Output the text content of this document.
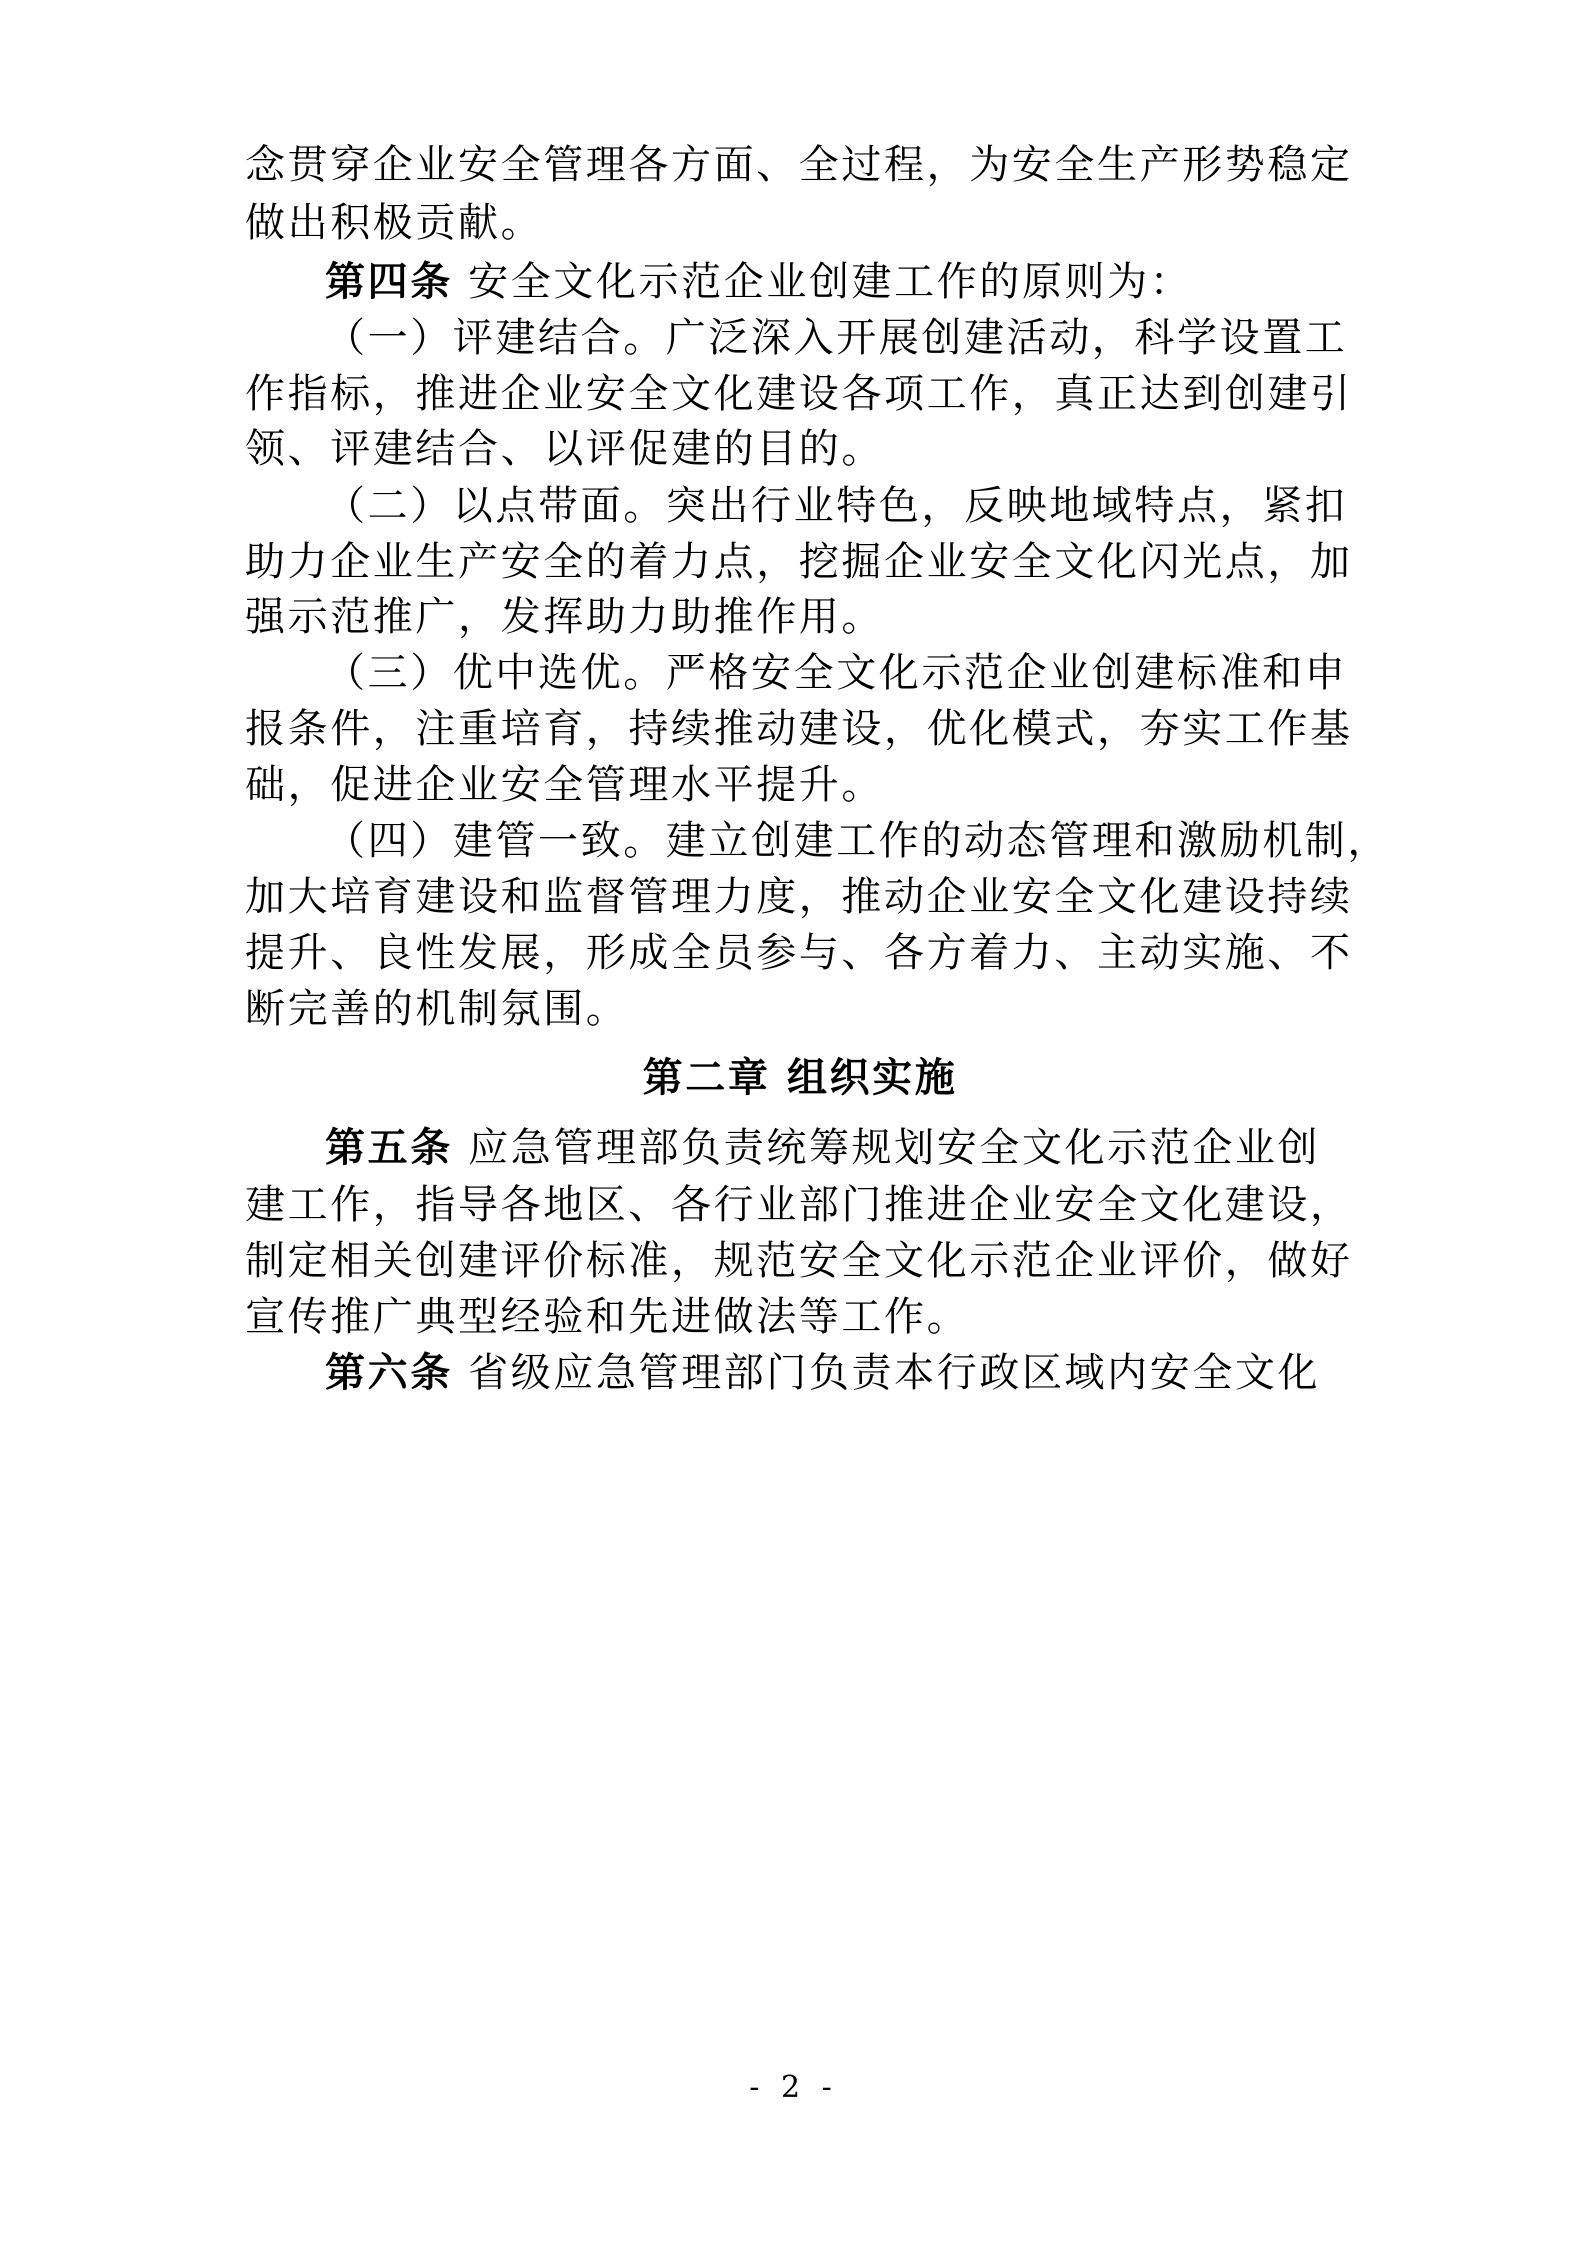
念贯穿企业安全管理各方面、全过程，为安全生产形势稳定
做出积极贡献。
第四条 安全文化示范企业创建工作的原则为：
（一）评建结合。广泛深入开展创建活动，科学设置工
作指标，推进企业安全文化建设各项工作，真正达到创建引
领、评建结合、以评促建的目的。
（二）以点带面。突出行业特色，反映地域特点，紧扣
助力企业生产安全的着力点，挖掘企业安全文化闪光点，加
强示范推广，发挥助力助推作用。
（三）优中选优。严格安全文化示范企业创建标准和申
报条件，注重培育，持续推动建设，优化模式，夯实工作基
础，促进企业安全管理水平提升。
（四）建管一致。建立创建工作的动态管理和激励机制，
加大培育建设和监督管理力度，推动企业安全文化建设持续
提升、良性发展，形成全员参与、各方着力、主动实施、不
断完善的机制氛围。
第二章 组织实施
第五条 应急管理部负责统筹规划安全文化示范企业创
建工作，指导各地区、各行业部门推进企业安全文化建设，
制定相关创建评价标准，规范安全文化示范企业评价，做好
宣传推广典型经验和先进做法等工作。
第六条 省级应急管理部门负责本行政区域内安全文化
- 2 -
